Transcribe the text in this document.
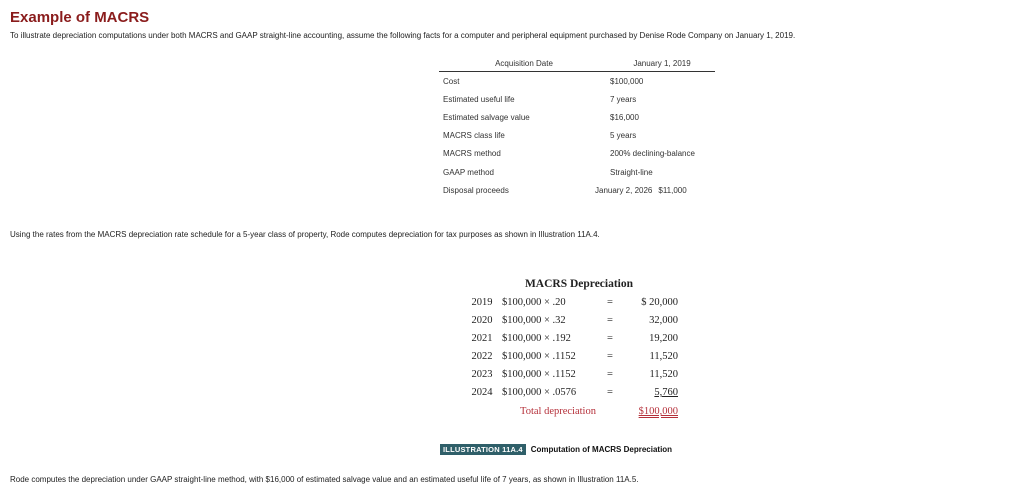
Example of MACRS
To illustrate depreciation computations under both MACRS and GAAP straight-line accounting, assume the following facts for a computer and peripheral equipment purchased by Denise Rode Company on January 1, 2019.
Acquisition Date	January 1, 2019
Cost	$100,000
Estimated useful life	7 years
Estimated salvage value	$16,000
MACRS class life	5 years
MACRS method	200% declining-balance
GAAP method	Straight-line
Disposal proceeds	January 2, 2026 $11,000
Using the rates from the MACRS depreciation rate schedule for a 5-year class of property, Rode computes depreciation for tax purposes as shown in Illustration 11A.4.
MACRS Depreciation
2019 $100,000 × .20	=	$ 20,000
2020 $100,000 × .32	=	32,000
2021 $100,000 × .192	=	19,200
2022 $100,000 × .1152	=	11,520
2023 $100,000 × .1152	=	11,520
2024 $100,000 × .0576	=	5,760
Total depreciation	$100,000
ILLUSTRATION 11A.4	Computation of MACRS Depreciation
Rode computes the depreciation under GAAP straight-line method, with $16,000 of estimated salvage value and an estimated useful life of 7 years, as shown in Illustration 11A.5.
